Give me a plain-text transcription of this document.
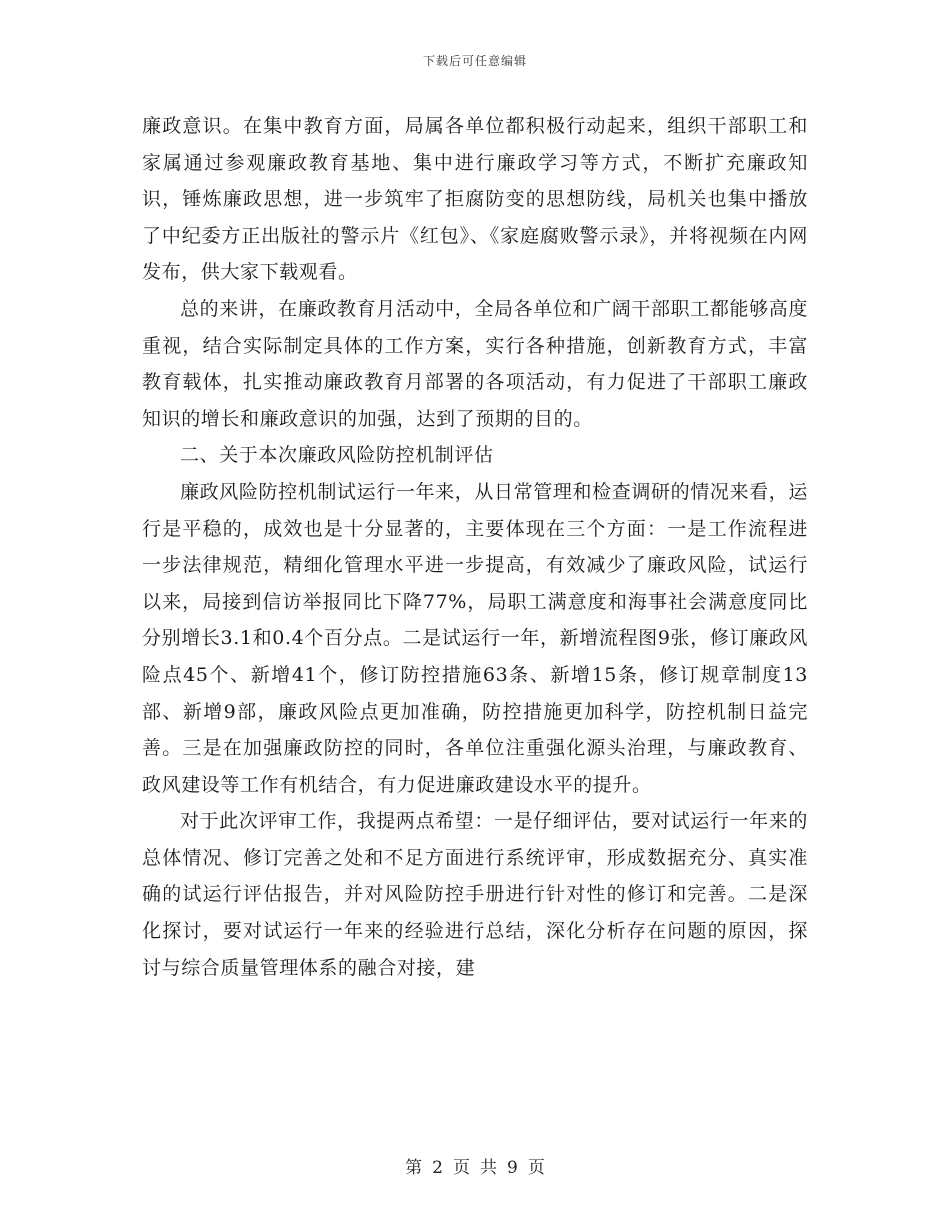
下载后可任意编辑

廉政意识。在集中教育方面，局属各单位都积极行动起来，组织干部职工和家属通过参观廉政教育基地、集中进行廉政学习等方式，不断扩充廉政知识，锤炼廉政思想，进一步筑牢了拒腐防变的思想防线，局机关也集中播放了中纪委方正出版社的警示片《红包》、《家庭腐败警示录》，并将视频在内网发布，供大家下载观看。

总的来讲，在廉政教育月活动中，全局各单位和广阔干部职工都能够高度重视，结合实际制定具体的工作方案，实行各种措施，创新教育方式，丰富教育载体，扎实推动廉政教育月部署的各项活动，有力促进了干部职工廉政知识的增长和廉政意识的加强，达到了预期的目的。

二、关于本次廉政风险防控机制评估

廉政风险防控机制试运行一年来，从日常管理和检查调研的情况来看，运行是平稳的，成效也是十分显著的，主要体现在三个方面：一是工作流程进一步法律规范，精细化管理水平进一步提高，有效减少了廉政风险，试运行以来，局接到信访举报同比下降77%，局职工满意度和海事社会满意度同比分别增长3.1和0.4个百分点。二是试运行一年，新增流程图9张，修订廉政风险点45个、新增41个，修订防控措施63条、新增15条，修订规章制度13部、新增9部，廉政风险点更加准确，防控措施更加科学，防控机制日益完善。三是在加强廉政防控的同时，各单位注重强化源头治理，与廉政教育、政风建设等工作有机结合，有力促进廉政建设水平的提升。

对于此次评审工作，我提两点希望：一是仔细评估，要对试运行一年来的总体情况、修订完善之处和不足方面进行系统评审，形成数据充分、真实准确的试运行评估报告，并对风险防控手册进行针对性的修订和完善。二是深化探讨，要对试运行一年来的经验进行总结，深化分析存在问题的原因，探讨与综合质量管理体系的融合对接，建

第 2 页 共 9 页
